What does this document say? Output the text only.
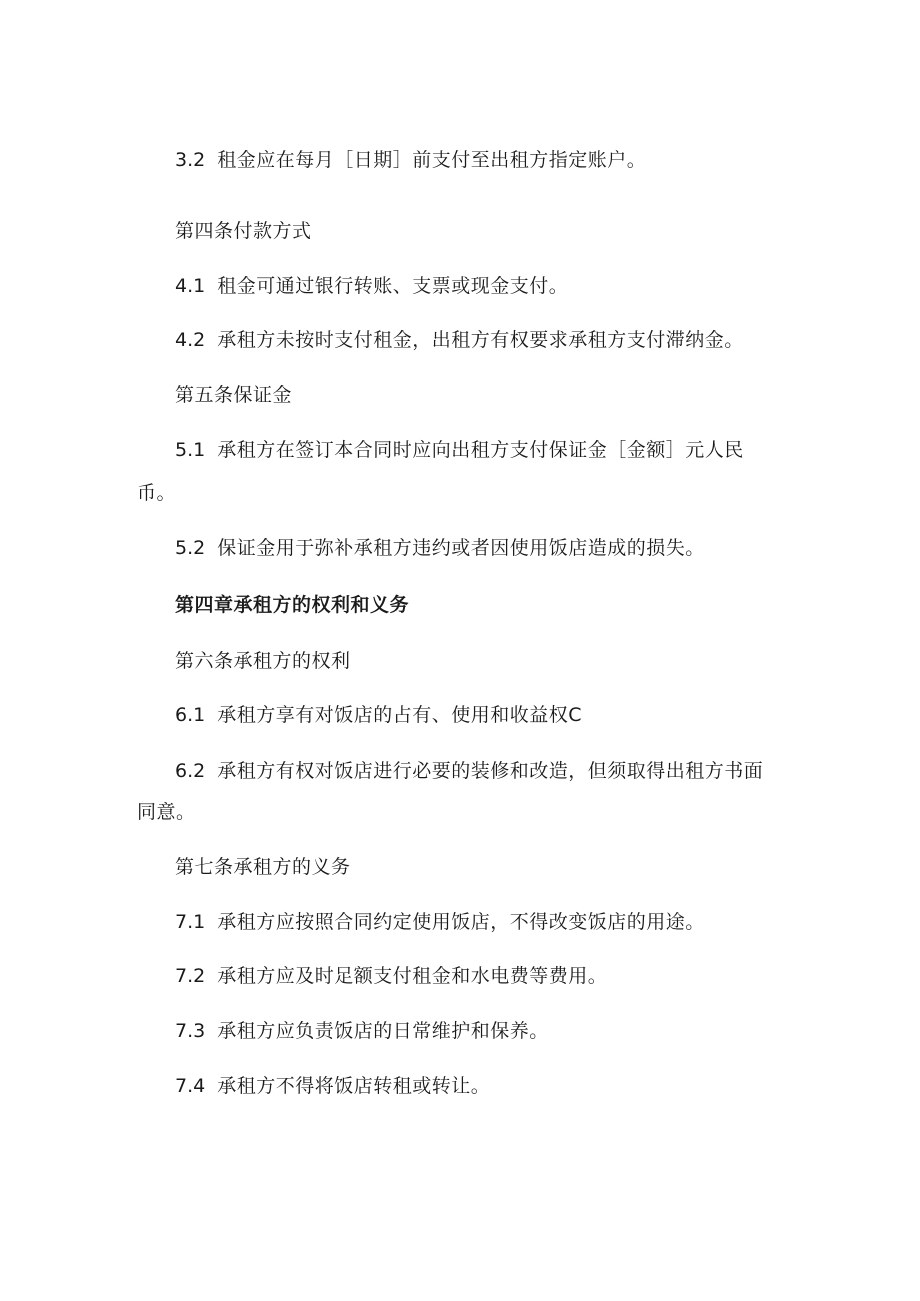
3.2 租金应在每月［日期］前支付至出租方指定账户。
第四条付款方式
4.1 租金可通过银行转账、支票或现金支付。
4.2 承租方未按时支付租金，出租方有权要求承租方支付滞纳金。
第五条保证金
5.1 承租方在签订本合同时应向出租方支付保证金［金额］元人民
币。
5.2 保证金用于弥补承租方违约或者因使用饭店造成的损失。
第四章承租方的权利和义务
第六条承租方的权利
6.1 承租方享有对饭店的占有、使用和收益权C
6.2 承租方有权对饭店进行必要的装修和改造，但须取得出租方书面
同意。
第七条承租方的义务
7.1 承租方应按照合同约定使用饭店，不得改变饭店的用途。
7.2 承租方应及时足额支付租金和水电费等费用。
7.3 承租方应负责饭店的日常维护和保养。
7.4 承租方不得将饭店转租或转让。
